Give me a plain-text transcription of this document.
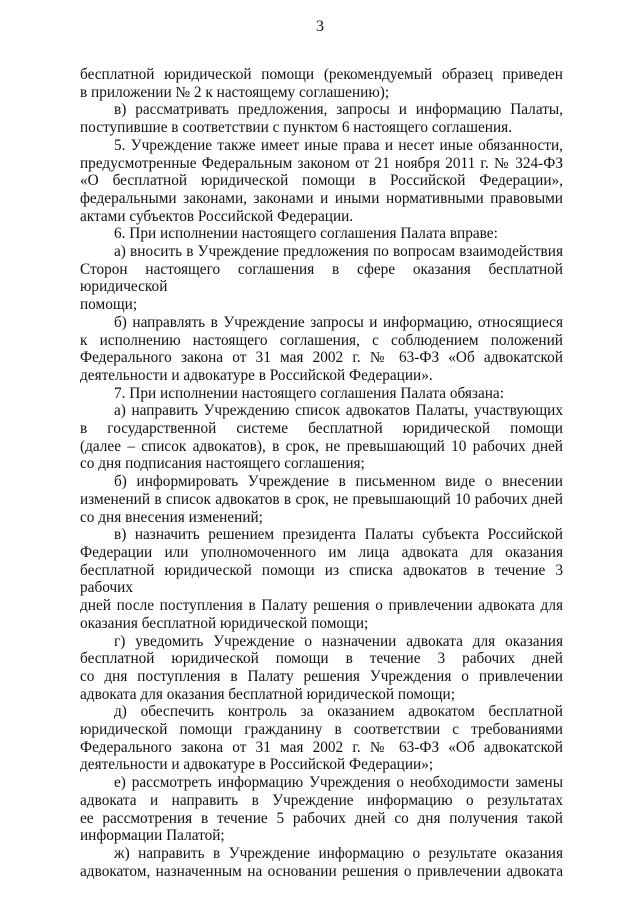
3
бесплатной юридической помощи (рекомендуемый образец приведен
в приложении № 2 к настоящему соглашению);
в) рассматривать предложения, запросы и информацию Палаты,
поступившие в соответствии с пунктом 6 настоящего соглашения.
5. Учреждение также имеет иные права и несет иные обязанности,
предусмотренные Федеральным законом от 21 ноября 2011 г. № 324-ФЗ
«О бесплатной юридической помощи в Российской Федерации»,
федеральными законами, законами и иными нормативными правовыми
актами субъектов Российской Федерации.
6. При исполнении настоящего соглашения Палата вправе:
а) вносить в Учреждение предложения по вопросам взаимодействия
Сторон настоящего соглашения в сфере оказания бесплатной юридической
помощи;
б) направлять в Учреждение запросы и информацию, относящиеся
к исполнению настоящего соглашения, с соблюдением положений
Федерального закона от 31 мая 2002 г. № 63-ФЗ «Об адвокатской
деятельности и адвокатуре в Российской Федерации».
7. При исполнении настоящего соглашения Палата обязана:
а) направить Учреждению список адвокатов Палаты, участвующих
в государственной системе бесплатной юридической помощи
(далее – список адвокатов), в срок, не превышающий 10 рабочих дней
со дня подписания настоящего соглашения;
б) информировать Учреждение в письменном виде о внесении
изменений в список адвокатов в срок, не превышающий 10 рабочих дней
со дня внесения изменений;
в) назначить решением президента Палаты субъекта Российской
Федерации или уполномоченного им лица адвоката для оказания
бесплатной юридической помощи из списка адвокатов в течение 3 рабочих
дней после поступления в Палату решения о привлечении адвоката для
оказания бесплатной юридической помощи;
г) уведомить Учреждение о назначении адвоката для оказания
бесплатной юридической помощи в течение 3 рабочих дней
со дня поступления в Палату решения Учреждения о привлечении
адвоката для оказания бесплатной юридической помощи;
д) обеспечить контроль за оказанием адвокатом бесплатной
юридической помощи гражданину в соответствии с требованиями
Федерального закона от 31 мая 2002 г. № 63-ФЗ «Об адвокатской
деятельности и адвокатуре в Российской Федерации»;
е) рассмотреть информацию Учреждения о необходимости замены
адвоката и направить в Учреждение информацию о результатах
ее рассмотрения в течение 5 рабочих дней со дня получения такой
информации Палатой;
ж) направить в Учреждение информацию о результате оказания
адвокатом, назначенным на основании решения о привлечении адвоката
